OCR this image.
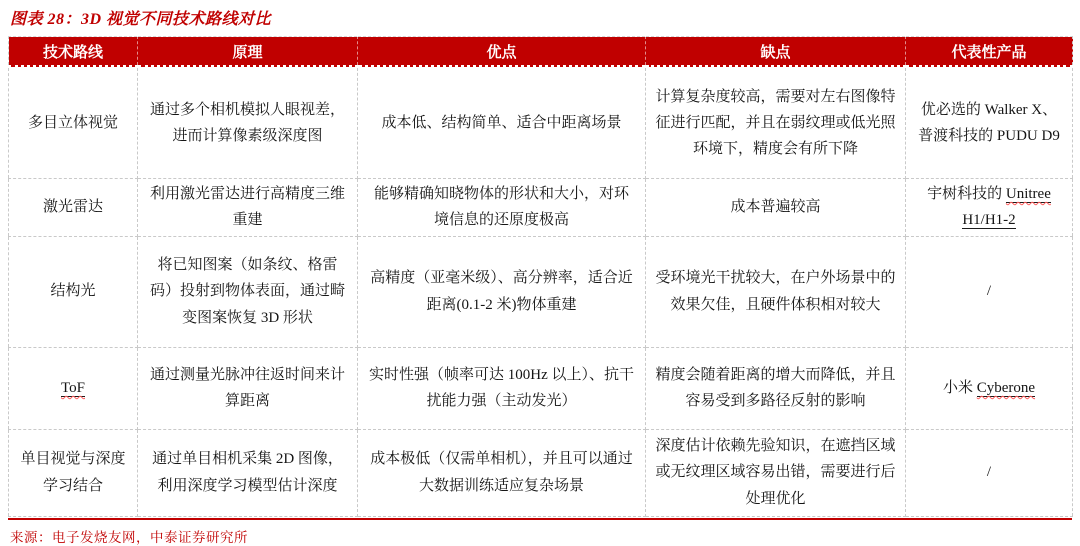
图表 28：3D 视觉不同技术路线对比
技术路线	原理	优点	缺点	代表性产品
多目立体视觉	通过多个相机模拟人眼视差，进而计算像素级深度图	成本低、结构简单、适合中距离场景	计算复杂度较高，需要对左右图像特征进行匹配，并且在弱纹理或低光照环境下，精度会有所下降	优必选的 Walker X、普渡科技的 PUDU D9
激光雷达	利用激光雷达进行高精度三维重建	能够精确知晓物体的形状和大小，对环境信息的还原度极高	成本普遍较高	宇树科技的 Unitree H1/H1-2
结构光	将已知图案（如条纹、格雷码）投射到物体表面，通过畸变图案恢复 3D 形状	高精度（亚毫米级）、高分辨率，适合近距离(0.1-2 米)物体重建	受环境光干扰较大，在户外场景中的效果欠佳，且硬件体积相对较大	/
ToF	通过测量光脉冲往返时间来计算距离	实时性强（帧率可达 100Hz 以上）、抗干扰能力强（主动发光）	精度会随着距离的增大而降低，并且容易受到多路径反射的影响	小米 Cyberone
单目视觉与深度学习结合	通过单目相机采集 2D 图像，利用深度学习模型估计深度	成本极低（仅需单相机），并且可以通过大数据训练适应复杂场景	深度估计依赖先验知识，在遮挡区域或无纹理区域容易出错，需要进行后处理优化	/
来源：电子发烧友网，中泰证券研究所
